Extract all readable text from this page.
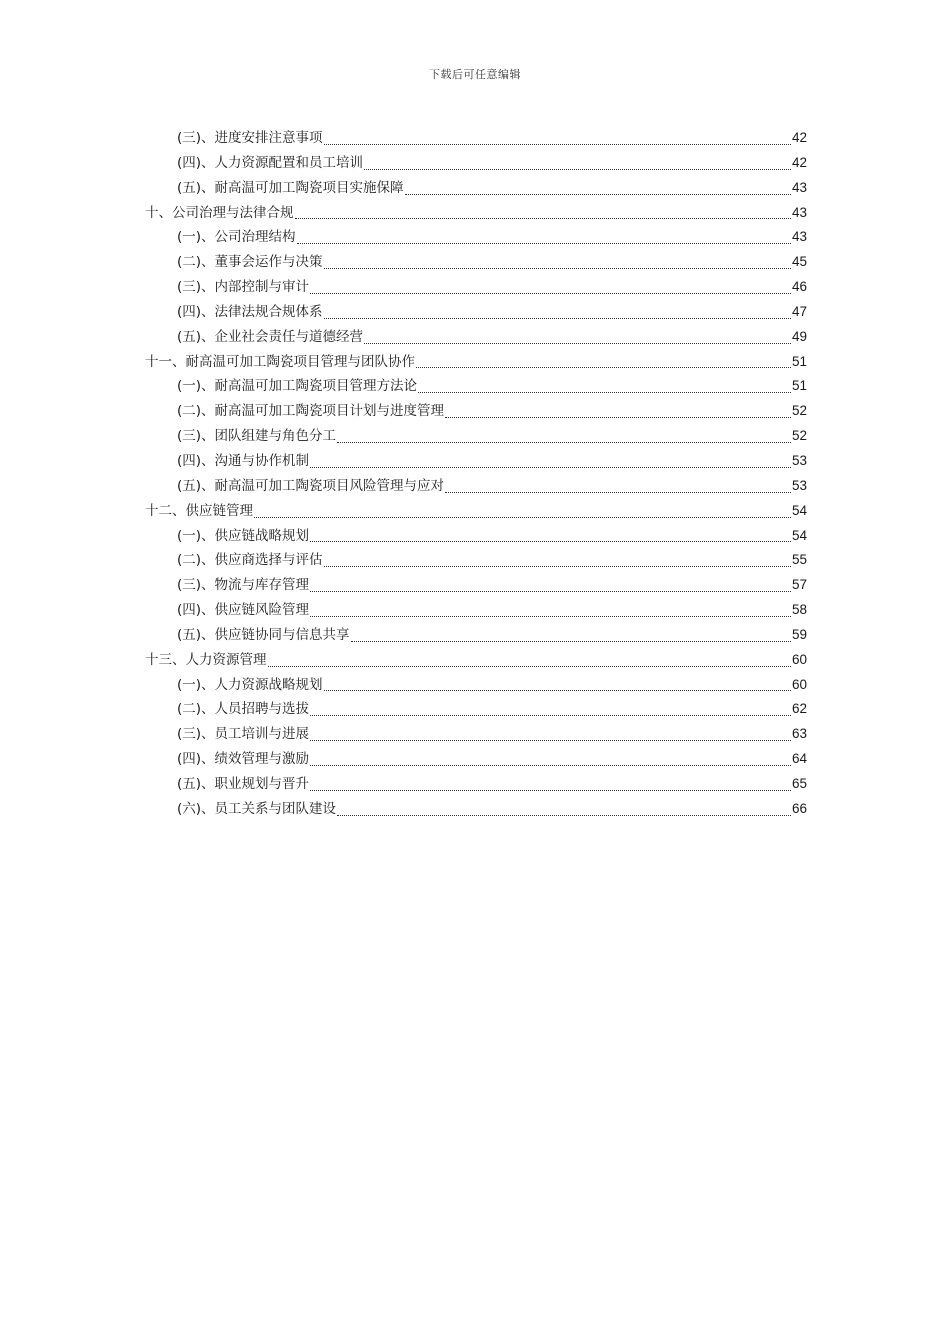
下载后可任意编辑
(三)、进度安排注意事项	42
(四)、人力资源配置和员工培训	42
(五)、耐高温可加工陶瓷项目实施保障	43
十、公司治理与法律合规	43
(一)、公司治理结构	43
(二)、董事会运作与决策	45
(三)、内部控制与审计	46
(四)、法律法规合规体系	47
(五)、企业社会责任与道德经营	49
十一、耐高温可加工陶瓷项目管理与团队协作	51
(一)、耐高温可加工陶瓷项目管理方法论	51
(二)、耐高温可加工陶瓷项目计划与进度管理	52
(三)、团队组建与角色分工	52
(四)、沟通与协作机制	53
(五)、耐高温可加工陶瓷项目风险管理与应对	53
十二、供应链管理	54
(一)、供应链战略规划	54
(二)、供应商选择与评估	55
(三)、物流与库存管理	57
(四)、供应链风险管理	58
(五)、供应链协同与信息共享	59
十三、人力资源管理	60
(一)、人力资源战略规划	60
(二)、人员招聘与选拔	62
(三)、员工培训与进展	63
(四)、绩效管理与激励	64
(五)、职业规划与晋升	65
(六)、员工关系与团队建设	66
